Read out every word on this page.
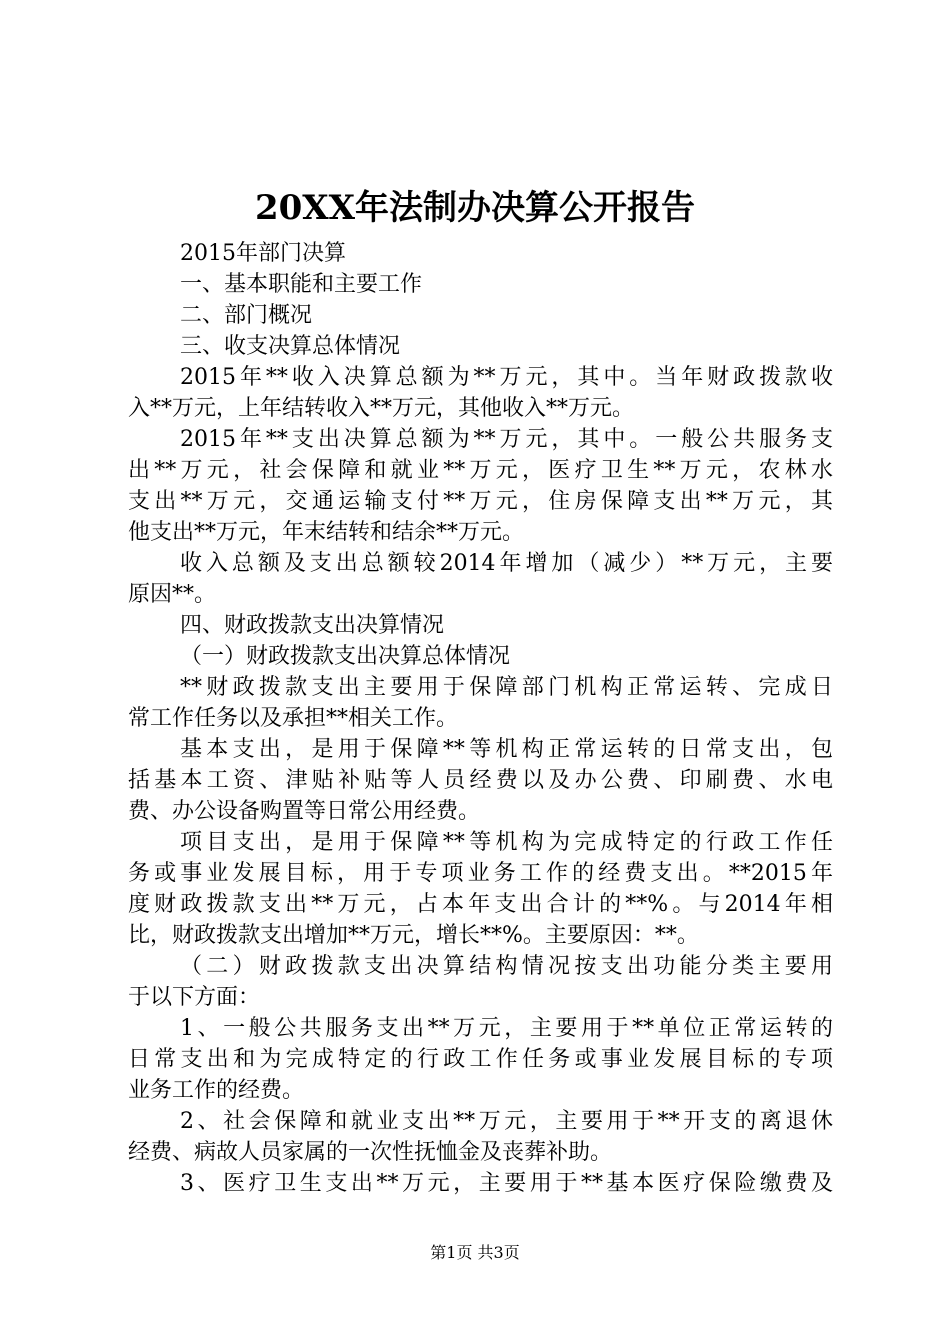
20XX年法制办决算公开报告
2015年部门决算
一、基本职能和主要工作
二、部门概况
三、收支决算总体情况
2015年**收入决算总额为**万元，其中。当年财政拨款收
入**万元，上年结转收入**万元，其他收入**万元。
2015年**支出决算总额为**万元，其中。一般公共服务支
出**万元，社会保障和就业**万元，医疗卫生**万元，农林水
支出**万元，交通运输支付**万元，住房保障支出**万元，其
他支出**万元，年末结转和结余**万元。
收入总额及支出总额较2014年增加（减少）**万元，主要
原因**。
四、财政拨款支出决算情况
（一）财政拨款支出决算总体情况
**财政拨款支出主要用于保障部门机构正常运转、完成日
常工作任务以及承担**相关工作。
基本支出，是用于保障**等机构正常运转的日常支出，包
括基本工资、津贴补贴等人员经费以及办公费、印刷费、水电
费、办公设备购置等日常公用经费。
项目支出，是用于保障**等机构为完成特定的行政工作任
务或事业发展目标，用于专项业务工作的经费支出。**2015年
度财政拨款支出**万元，占本年支出合计的**%。与2014年相
比，财政拨款支出增加**万元，增长**%。主要原因：**。
（二）财政拨款支出决算结构情况按支出功能分类主要用
于以下方面：
1、一般公共服务支出**万元，主要用于**单位正常运转的
日常支出和为完成特定的行政工作任务或事业发展目标的专项
业务工作的经费。
2、社会保障和就业支出**万元，主要用于**开支的离退休
经费、病故人员家属的一次性抚恤金及丧葬补助。
3、医疗卫生支出**万元，主要用于**基本医疗保险缴费及
第1页 共3页
